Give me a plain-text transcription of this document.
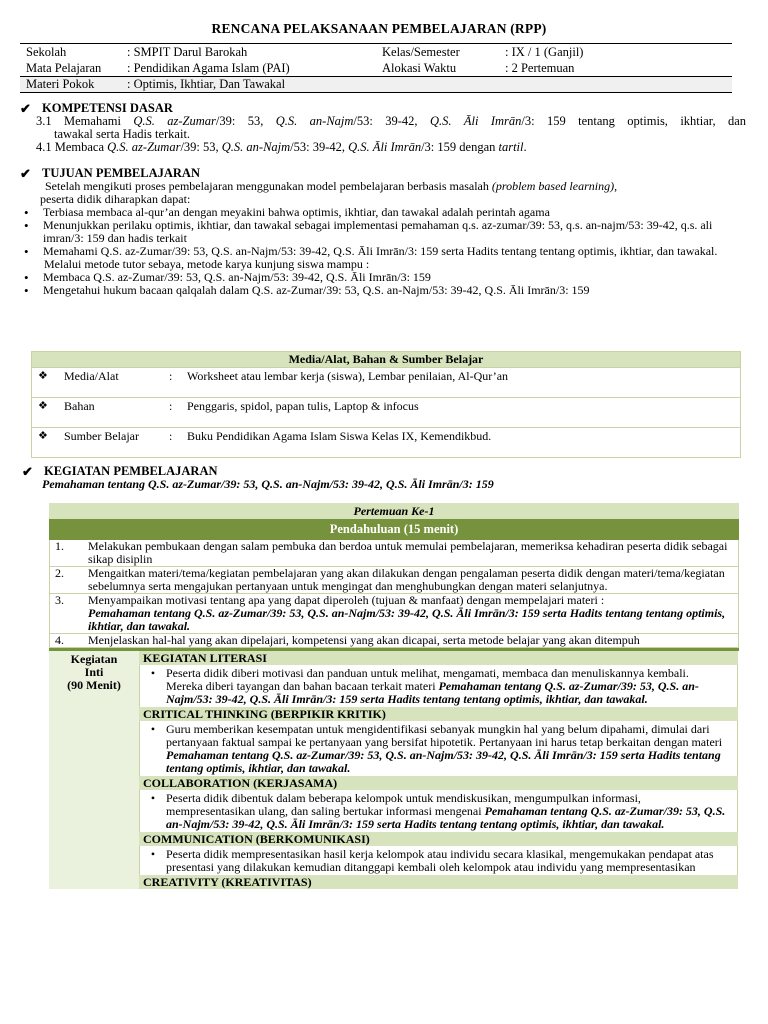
RENCANA PELAKSANAAN PEMBELAJARAN (RPP)
Sekolah	: SMPIT Darul Barokah	Kelas/Semester	: IX / 1 (Ganjil)
Mata Pelajaran	: Pendidikan Agama Islam (PAI)	Alokasi Waktu	: 2 Pertemuan
Materi Pokok	: Optimis, Ikhtiar, Dan Tawakal
✔ KOMPETENSI DASAR

3.1 Memahami Q.S. az-Zumar/39: 53, Q.S. an-Najm/53: 39-42, Q.S. Āli Imrān/3: 159 tentang optimis, ikhtiar, dan

tawakal serta Hadis terkait.

4.1 Membaca Q.S. az-Zumar/39: 53, Q.S. an-Najm/53: 39-42, Q.S. Āli Imrān/3: 159 dengan tartil.

✔ TUJUAN PEMBELAJARAN
Setelah mengikuti proses pembelajaran menggunakan model pembelajaran berbasis masalah (problem based learning),
peserta didik diharapkan dapat:
• Terbiasa membaca al-qur’an dengan meyakini bahwa optimis, ikhtiar, dan tawakal adalah perintah agama
• Menunjukkan perilaku optimis, ikhtiar, dan tawakal sebagai implementasi pemahaman q.s. az-zumar/39: 53, q.s. an-najm/53: 39-42, q.s. ali imran/3: 159 dan hadis terkait
• Memahami Q.S. az-Zumar/39: 53, Q.S. an-Najm/53: 39-42, Q.S. Āli Imrān/3: 159 serta Hadits tentang tentang optimis, ikhtiar, dan tawakal.
Melalui metode tutor sebaya, metode karya kunjung siswa mampu :
• Membaca Q.S. az-Zumar/39: 53, Q.S. an-Najm/53: 39-42, Q.S. Āli Imrān/3: 159
• Mengetahui hukum bacaan qalqalah dalam Q.S. az-Zumar/39: 53, Q.S. an-Najm/53: 39-42, Q.S. Āli Imrān/3: 159
Media/Alat, Bahan & Sumber Belajar
❖	Media/Alat	:	Worksheet atau lembar kerja (siswa), Lembar penilaian, Al-Qur’an
❖	Bahan	:	Penggaris, spidol, papan tulis, Laptop & infocus
❖	Sumber Belajar	:	Buku Pendidikan Agama Islam Siswa Kelas IX, Kemendikbud.
✔ KEGIATAN PEMBELAJARAN
Pemahaman tentang Q.S. az-Zumar/39: 53, Q.S. an-Najm/53: 39-42, Q.S. Āli Imrān/3: 159
Pertemuan Ke-1
Pendahuluan (15 menit)
1.	Melakukan pembukaan dengan salam pembuka dan berdoa untuk memulai pembelajaran, memeriksa kehadiran peserta didik sebagai sikap disiplin
2.	Mengaitkan materi/tema/kegiatan pembelajaran yang akan dilakukan dengan pengalaman peserta didik dengan materi/tema/kegiatan sebelumnya serta mengajukan pertanyaan untuk mengingat dan menghubungkan dengan materi selanjutnya.
3.	Menyampaikan motivasi tentang apa yang dapat diperoleh (tujuan & manfaat) dengan mempelajari materi :
Pemahaman tentang Q.S. az-Zumar/39: 53, Q.S. an-Najm/53: 39-42, Q.S. Āli Imrān/3: 159 serta Hadits tentang tentang optimis, ikhtiar, dan tawakal.
4.	Menjelaskan hal-hal yang akan dipelajari, kompetensi yang akan dicapai, serta metode belajar yang akan ditempuh
Kegiatan
Inti
(90 Menit)
KEGIATAN LITERASI
• Peserta didik diberi motivasi dan panduan untuk melihat, mengamati, membaca dan menuliskannya kembali. Mereka diberi tayangan dan bahan bacaan terkait materi Pemahaman tentang Q.S. az-Zumar/39: 53, Q.S. an-Najm/53: 39-42, Q.S. Āli Imrān/3: 159 serta Hadits tentang tentang optimis, ikhtiar, dan tawakal.
CRITICAL THINKING (BERPIKIR KRITIK)
• Guru memberikan kesempatan untuk mengidentifikasi sebanyak mungkin hal yang belum dipahami, dimulai dari pertanyaan faktual sampai ke pertanyaan yang bersifat hipotetik. Pertanyaan ini harus tetap berkaitan dengan materi Pemahaman tentang Q.S. az-Zumar/39: 53, Q.S. an-Najm/53: 39-42, Q.S. Āli Imrān/3: 159 serta Hadits tentang tentang optimis, ikhtiar, dan tawakal.
COLLABORATION (KERJASAMA)
• Peserta didik dibentuk dalam beberapa kelompok untuk mendiskusikan, mengumpulkan informasi, mempresentasikan ulang, dan saling bertukar informasi mengenai Pemahaman tentang Q.S. az-Zumar/39: 53, Q.S. an-Najm/53: 39-42, Q.S. Āli Imrān/3: 159 serta Hadits tentang tentang optimis, ikhtiar, dan tawakal.
COMMUNICATION (BERKOMUNIKASI)
• Peserta didik mempresentasikan hasil kerja kelompok atau individu secara klasikal, mengemukakan pendapat atas presentasi yang dilakukan kemudian ditanggapi kembali oleh kelompok atau individu yang mempresentasikan
CREATIVITY (KREATIVITAS)
